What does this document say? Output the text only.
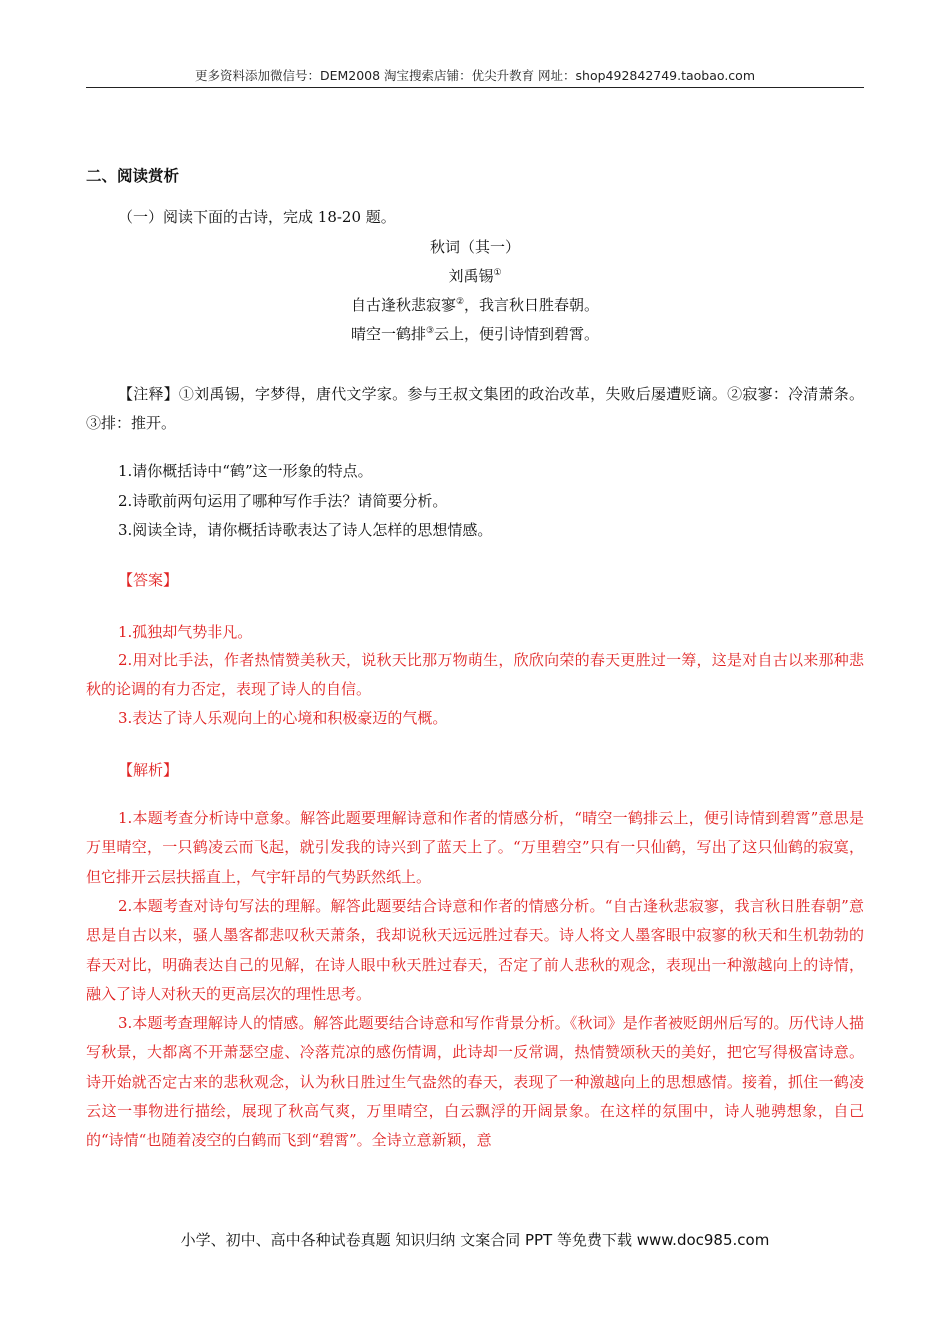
更多资料添加微信号：DEM2008 淘宝搜索店铺：优尖升教育 网址：shop492842749.taobao.com
二、阅读赏析
（一）阅读下面的古诗，完成 18-20 题。
秋词（其一）
刘禹锡①
自古逢秋悲寂寥②，我言秋日胜春朝。
晴空一鹤排③云上，便引诗情到碧霄。
【注释】①刘禹锡，字梦得，唐代文学家。参与王叔文集团的政治改革，失败后屡遭贬谪。②寂寥：冷清萧条。③排：推开。
1.请你概括诗中“鹤”这一形象的特点。
2.诗歌前两句运用了哪种写作手法？请简要分析。
3.阅读全诗，请你概括诗歌表达了诗人怎样的思想情感。
【答案】
1.孤独却气势非凡。
2.用对比手法，作者热情赞美秋天，说秋天比那万物萌生，欣欣向荣的春天更胜过一筹，这是对自古以来那种悲秋的论调的有力否定，表现了诗人的自信。
3.表达了诗人乐观向上的心境和积极豪迈的气概。
【解析】
1.本题考查分析诗中意象。解答此题要理解诗意和作者的情感分析，“晴空一鹤排云上，便引诗情到碧霄”意思是万里晴空，一只鹤凌云而飞起，就引发我的诗兴到了蓝天上了。“万里碧空”只有一只仙鹤，写出了这只仙鹤的寂寞，但它排开云层扶摇直上，气宇轩昂的气势跃然纸上。
2.本题考查对诗句写法的理解。解答此题要结合诗意和作者的情感分析。“自古逢秋悲寂寥，我言秋日胜春朝”意思是自古以来，骚人墨客都悲叹秋天萧条，我却说秋天远远胜过春天。诗人将文人墨客眼中寂寥的秋天和生机勃勃的春天对比，明确表达自己的见解，在诗人眼中秋天胜过春天，否定了前人悲秋的观念，表现出一种激越向上的诗情，融入了诗人对秋天的更高层次的理性思考。
3.本题考查理解诗人的情感。解答此题要结合诗意和写作背景分析。《秋词》是作者被贬朗州后写的。历代诗人描写秋景，大都离不开萧瑟空虚、冷落荒凉的感伤情调，此诗却一反常调，热情赞颂秋天的美好，把它写得极富诗意。诗开始就否定古来的悲秋观念，认为秋日胜过生气盎然的春天，表现了一种激越向上的思想感情。接着，抓住一鹤凌云这一事物进行描绘，展现了秋高气爽，万里晴空，白云飘浮的开阔景象。在这样的氛围中，诗人驰骋想象，自己的“诗情“也随着凌空的白鹤而飞到“碧霄”。全诗立意新颖，意
小学、初中、高中各种试卷真题 知识归纳 文案合同 PPT 等免费下载 www.doc985.com
